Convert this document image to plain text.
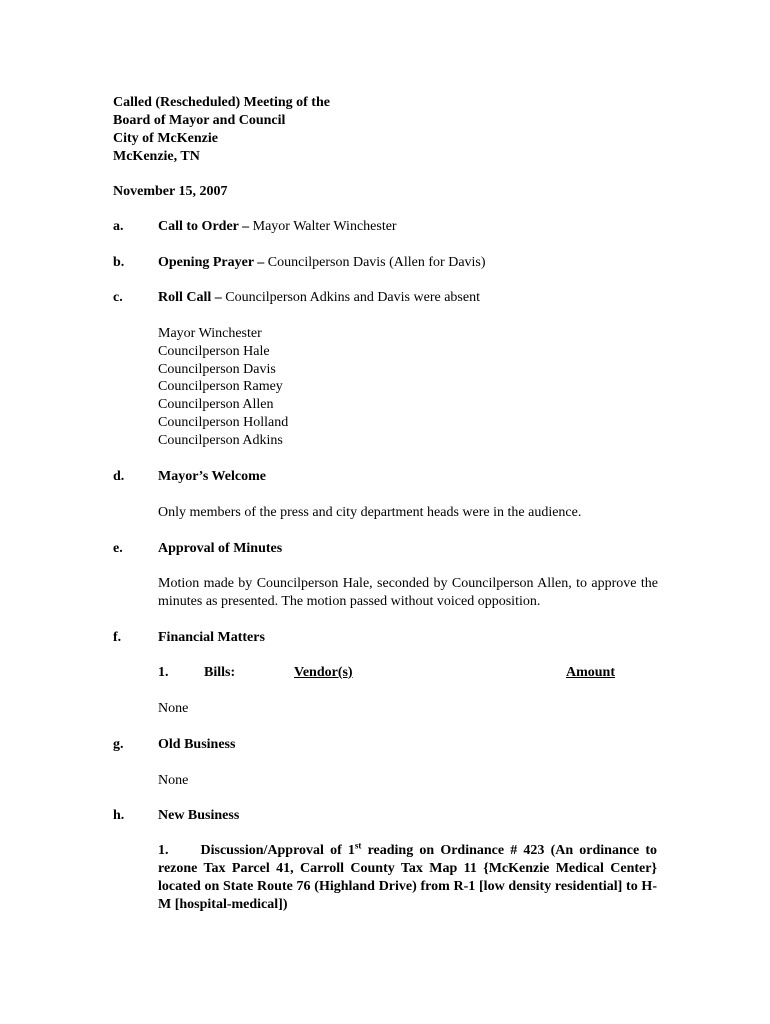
Called (Rescheduled) Meeting of the
Board of Mayor and Council
City of McKenzie
McKenzie, TN
November 15, 2007
a. Call to Order – Mayor Walter Winchester
b. Opening Prayer – Councilperson Davis (Allen for Davis)
c.	Roll Call – Councilperson Adkins and Davis were absent
Mayor Winchester
Councilperson Hale
Councilperson Davis
Councilperson Ramey
Councilperson Allen
Councilperson Holland
Councilperson Adkins
d. Mayor’s Welcome
Only members of the press and city department heads were in the audience.
e.	Approval of Minutes
Motion made by Councilperson Hale, seconded by Councilperson Allen, to approve the minutes as presented. The motion passed without voiced opposition.
f.	Financial Matters
1.	Bills:	Vendor(s)	Amount
None
g. Old Business
None
h. New Business
1. Discussion/Approval of 1st reading on Ordinance # 423 (An ordinance to rezone Tax Parcel 41, Carroll County Tax Map 11 {McKenzie Medical Center} located on State Route 76 (Highland Drive) from R-1 [low density residential] to H-M [hospital-medical])
